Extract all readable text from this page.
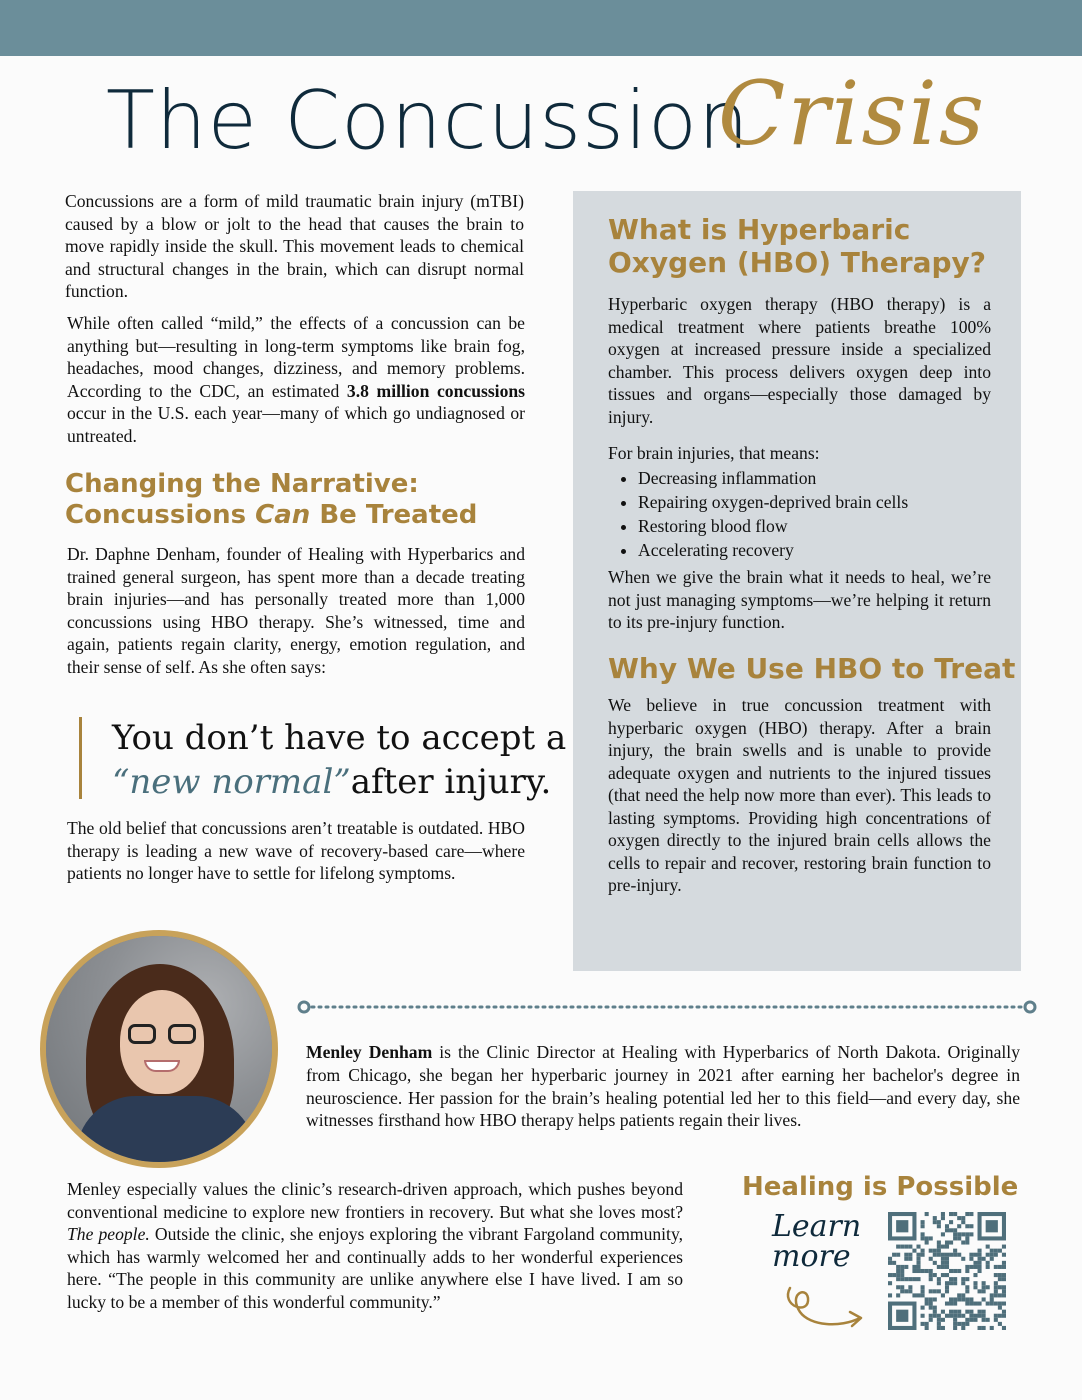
The Concussion
Crisis

Concussions are a form of mild traumatic brain injury (mTBI) caused by a blow or jolt to the head that causes the brain to move rapidly inside the skull. This movement leads to chemical and structural changes in the brain, which can disrupt normal function.

While often called “mild,” the effects of a concussion can be anything but—resulting in long-term symptoms like brain fog, headaches, mood changes, dizziness, and memory problems. According to the CDC, an estimated 3.8 million concussions occur in the U.S. each year—many of which go undiagnosed or untreated.

Changing the Narrative:
Concussions Can Be Treated

Dr. Daphne Denham, founder of Healing with Hyperbarics and trained general surgeon, has spent more than a decade treating brain injuries—and has personally treated more than 1,000 concussions using HBO therapy. She’s witnessed, time and again, patients regain clarity, energy, emotion regulation, and their sense of self. As she often says:

You don’t have to accept a
“new normal”after injury.

The old belief that concussions aren’t treatable is outdated. HBO therapy is leading a new wave of recovery-based care—where patients no longer have to settle for lifelong symptoms.

What is Hyperbaric
Oxygen (HBO) Therapy?

Hyperbaric oxygen therapy (HBO therapy) is a medical treatment where patients breathe 100% oxygen at increased pressure inside a specialized chamber. This process delivers oxygen deep into tissues and organs—especially those damaged by injury.

For brain injuries, that means:

• Decreasing inflammation
• Repairing oxygen-deprived brain cells
• Restoring blood flow
• Accelerating recovery

When we give the brain what it needs to heal, we’re not just managing symptoms—we’re helping it return to its pre-injury function.

Why We Use HBO to Treat

We believe in true concussion treatment with hyperbaric oxygen (HBO) therapy. After a brain injury, the brain swells and is unable to provide adequate oxygen and nutrients to the injured tissues (that need the help now more than ever). This leads to lasting symptoms. Providing high concentrations of oxygen directly to the injured brain cells allows the cells to repair and recover, restoring brain function to pre-injury.

Menley Denham is the Clinic Director at Healing with Hyperbarics of North Dakota. Originally from Chicago, she began her hyperbaric journey in 2021 after earning her bachelor's degree in neuroscience. Her passion for the brain’s healing potential led her to this field—and every day, she witnesses firsthand how HBO therapy helps patients regain their lives.

Menley especially values the clinic’s research-driven approach, which pushes beyond conventional medicine to explore new frontiers in recovery. But what she loves most? The people. Outside the clinic, she enjoys exploring the vibrant Fargoland community, which has warmly welcomed her and continually adds to her wonderful experiences here. “The people in this community are unlike anywhere else I have lived. I am so lucky to be a member of this wonderful community.”

Healing is Possible
Learn
more
